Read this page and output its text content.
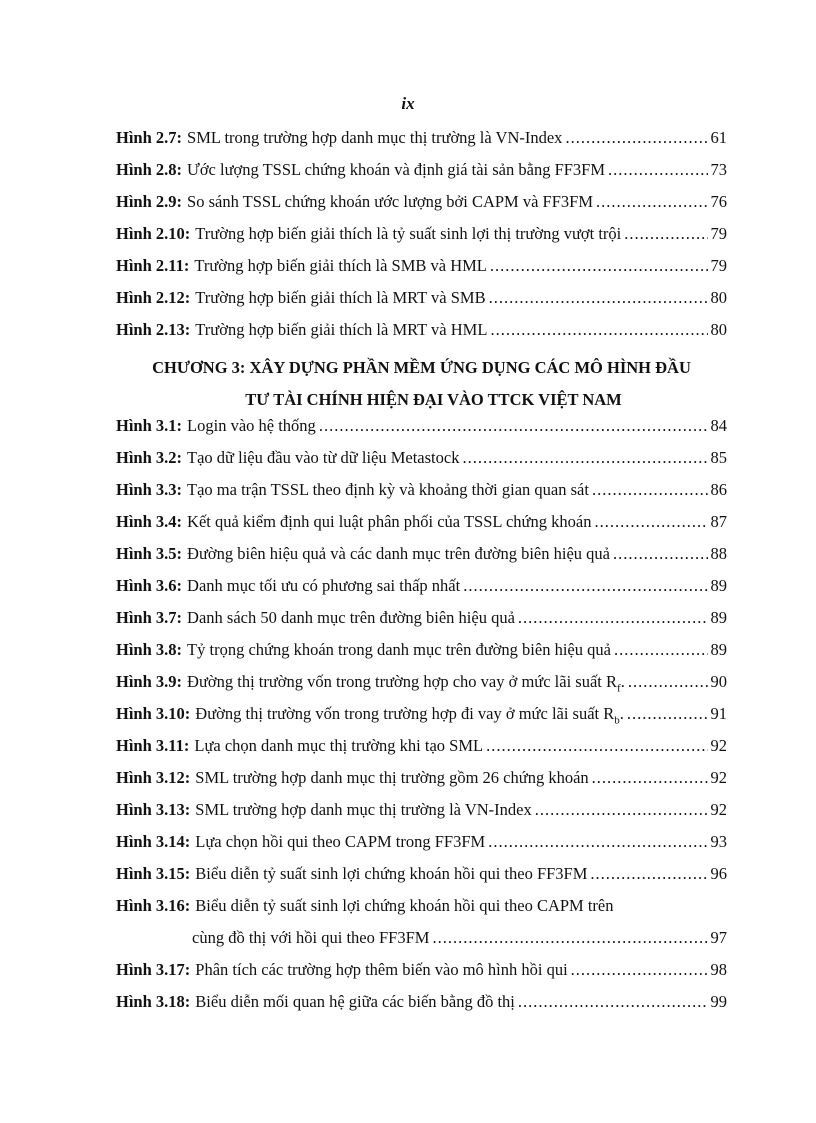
ix
Hình 2.7: SML trong trường hợp danh mục thị trường là VN-Index .....	61
Hình 2.8: Ước lượng TSSL chứng khoán và định giá tài sản bằng FF3FM .....	73
Hình 2.9: So sánh TSSL chứng khoán ước lượng bởi CAPM và FF3FM .....	76
Hình 2.10: Trường hợp biến giải thích là tỷ suất sinh lợi thị trường vượt trội .....	79
Hình 2.11: Trường hợp biến giải thích là SMB và HML .....	79
Hình 2.12: Trường hợp biến giải thích là MRT và SMB .....	80
Hình 2.13: Trường hợp biến giải thích là MRT và HML .....	80
CHƯƠNG 3: XÂY DỰNG PHẦN MỀM ỨNG DỤNG CÁC MÔ HÌNH ĐẦU
TƯ TÀI CHÍNH HIỆN ĐẠI VÀO TTCK VIỆT NAM
Hình 3.1: Login vào hệ thống .....	84
Hình 3.2: Tạo dữ liệu đầu vào từ dữ liệu Metastock .....	85
Hình 3.3: Tạo ma trận TSSL theo định kỳ và khoảng thời gian quan sát .....	86
Hình 3.4: Kết quả kiểm định qui luật phân phối của TSSL chứng khoán .....	87
Hình 3.5: Đường biên hiệu quả và các danh mục trên đường biên hiệu quả .....	88
Hình 3.6: Danh mục tối ưu có phương sai thấp nhất .....	89
Hình 3.7: Danh sách 50 danh mục trên đường biên hiệu quả .....	89
Hình 3.8: Tỷ trọng chứng khoán trong danh mục trên đường biên hiệu quả .....	89
Hình 3.9: Đường thị trường vốn trong trường hợp cho vay ở mức lãi suất $R_f$. .....	90
Hình 3.10: Đường thị trường vốn trong trường hợp đi vay ở mức lãi suất $R_b$. .....	91
Hình 3.11: Lựa chọn danh mục thị trường khi tạo SML .....	92
Hình 3.12: SML trường hợp danh mục thị trường gồm 26 chứng khoán .....	92
Hình 3.13: SML trường hợp danh mục thị trường là VN-Index .....	92
Hình 3.14: Lựa chọn hồi qui theo CAPM trong FF3FM .....	93
Hình 3.15: Biểu diễn tỷ suất sinh lợi chứng khoán hồi qui theo FF3FM .....	96
Hình 3.16: Biểu diễn tỷ suất sinh lợi chứng khoán hồi qui theo CAPM trên
cùng đồ thị với hồi qui theo FF3FM .....	97
Hình 3.17: Phân tích các trường hợp thêm biến vào mô hình hồi qui .....	98
Hình 3.18: Biểu diễn mối quan hệ giữa các biến bằng đồ thị .....	99
